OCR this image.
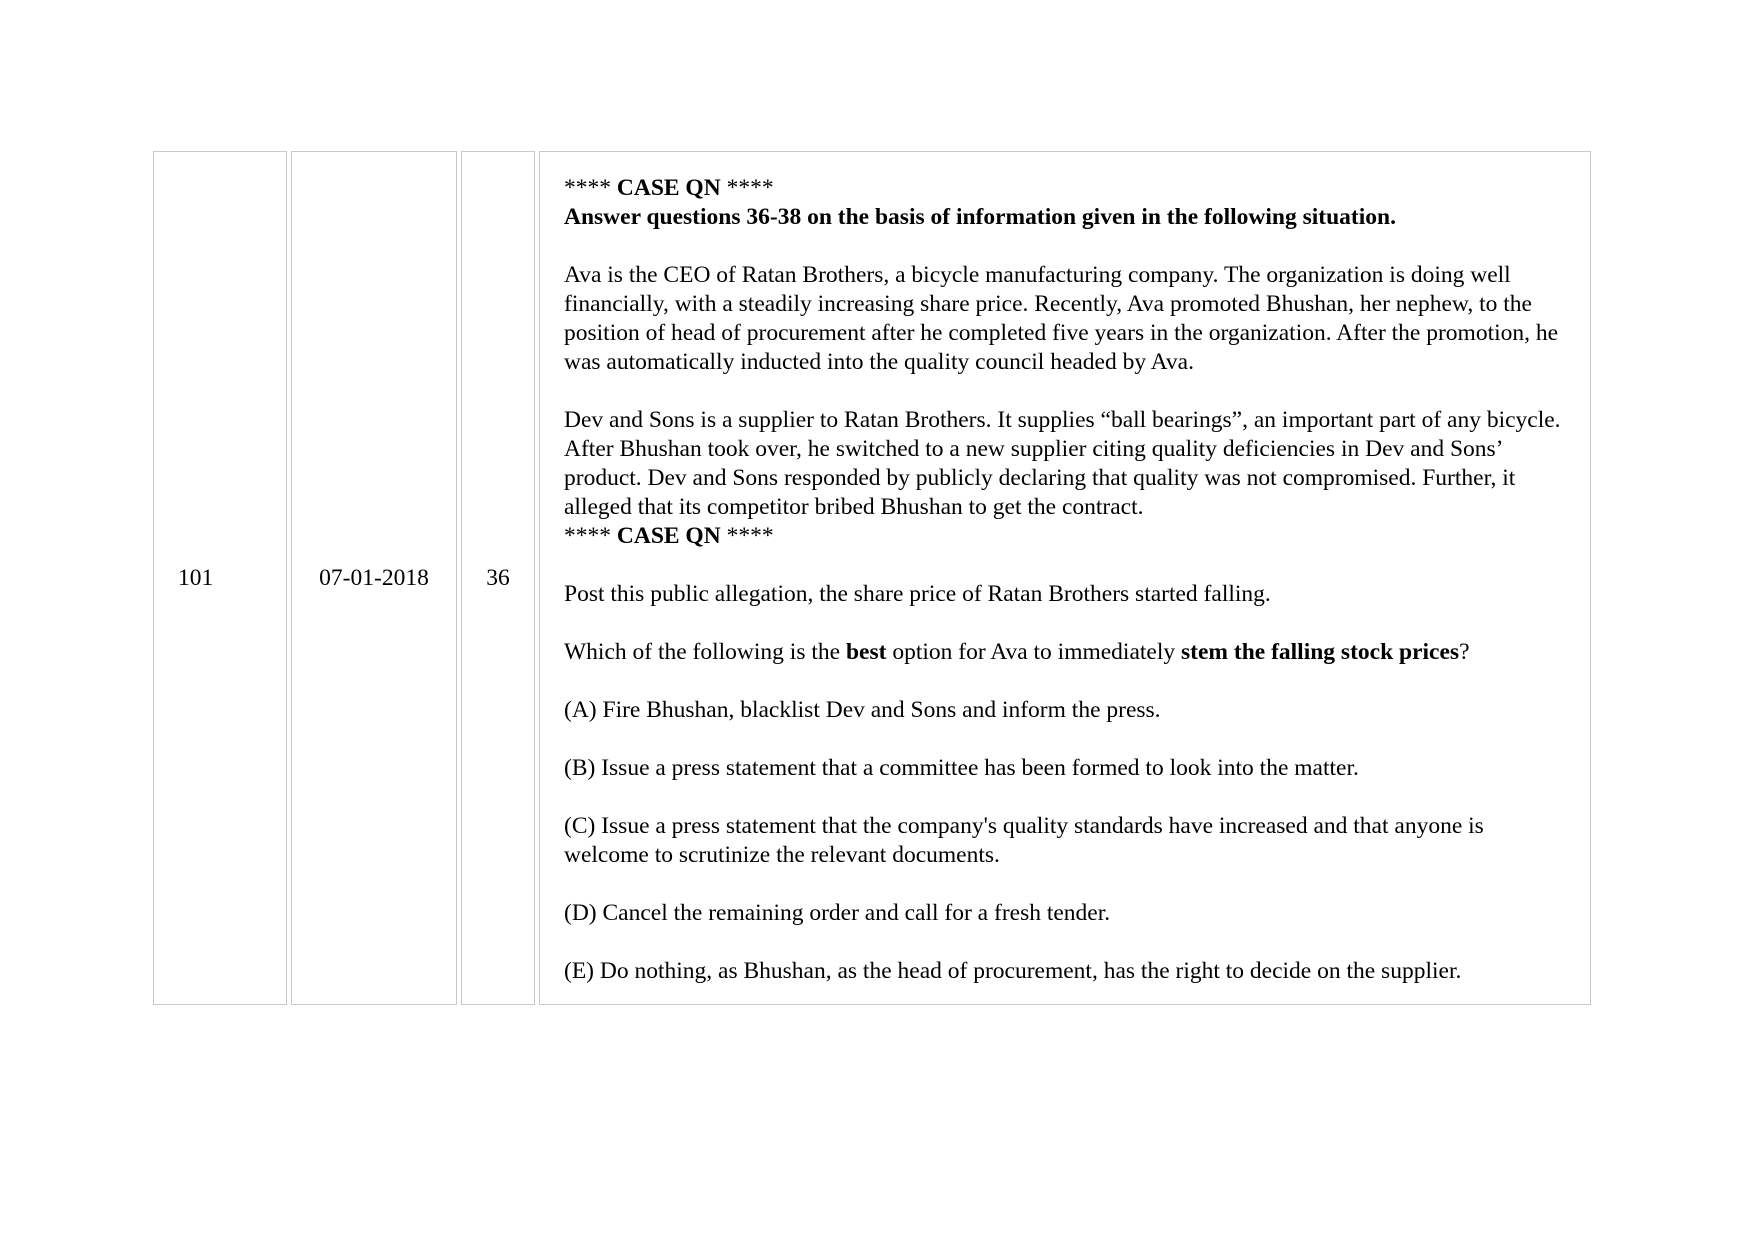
101	07-01-2018	36	

**** CASE QN ****

Answer questions 36-38 on the basis of information given in the following situation.

Ava is the CEO of Ratan Brothers, a bicycle manufacturing company. The organization is doing well financially, with a steadily increasing share price. Recently, Ava promoted Bhushan, her nephew, to the position of head of procurement after he completed five years in the organization. After the promotion, he was automatically inducted into the quality council headed by Ava.

Dev and Sons is a supplier to Ratan Brothers. It supplies “ball bearings”, an important part of any bicycle. After Bhushan took over, he switched to a new supplier citing quality deficiencies in Dev and Sons’ product. Dev and Sons responded by publicly declaring that quality was not compromised. Further, it alleged that its competitor bribed Bhushan to get the contract.

**** CASE QN ****

Post this public allegation, the share price of Ratan Brothers started falling.

Which of the following is the best option for Ava to immediately stem the falling stock prices?

(A) Fire Bhushan, blacklist Dev and Sons and inform the press.

(B) Issue a press statement that a committee has been formed to look into the matter.

(C) Issue a press statement that the company's quality standards have increased and that anyone is welcome to scrutinize the relevant documents.

(D) Cancel the remaining order and call for a fresh tender.

(E) Do nothing, as Bhushan, as the head of procurement, has the right to decide on the supplier.
